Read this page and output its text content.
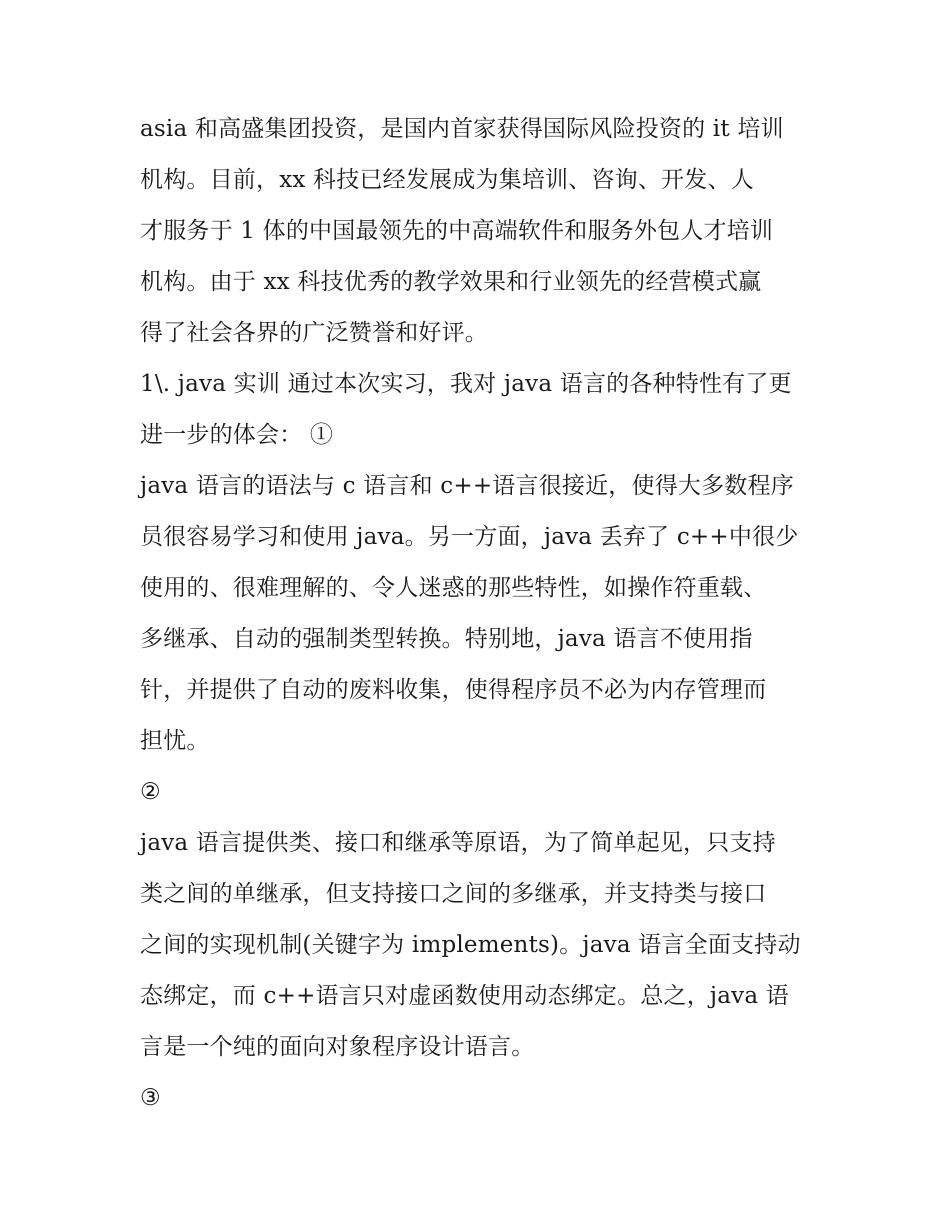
asia 和高盛集团投资，是国内首家获得国际风险投资的 it 培训
机构。目前，xx 科技已经发展成为集培训、咨询、开发、人
才服务于 1 体的中国最领先的中高端软件和服务外包人才培训
机构。由于 xx 科技优秀的教学效果和行业领先的经营模式赢
得了社会各界的广泛赞誉和好评。

1\. java 实训 通过本次实习，我对 java 语言的各种特性有了更
进一步的体会： ①

java 语言的语法与 c 语言和 c++语言很接近，使得大多数程序
员很容易学习和使用 java。另一方面，java 丢弃了 c++中很少
使用的、很难理解的、令人迷惑的那些特性，如操作符重载、
多继承、自动的强制类型转换。特别地，java 语言不使用指
针，并提供了自动的废料收集，使得程序员不必为内存管理而
担忧。

②

java 语言提供类、接口和继承等原语，为了简单起见，只支持
类之间的单继承，但支持接口之间的多继承，并支持类与接口
之间的实现机制(关键字为 implements)。java 语言全面支持动
态绑定，而 c++语言只对虚函数使用动态绑定。总之，java 语
言是一个纯的面向对象程序设计语言。

③
